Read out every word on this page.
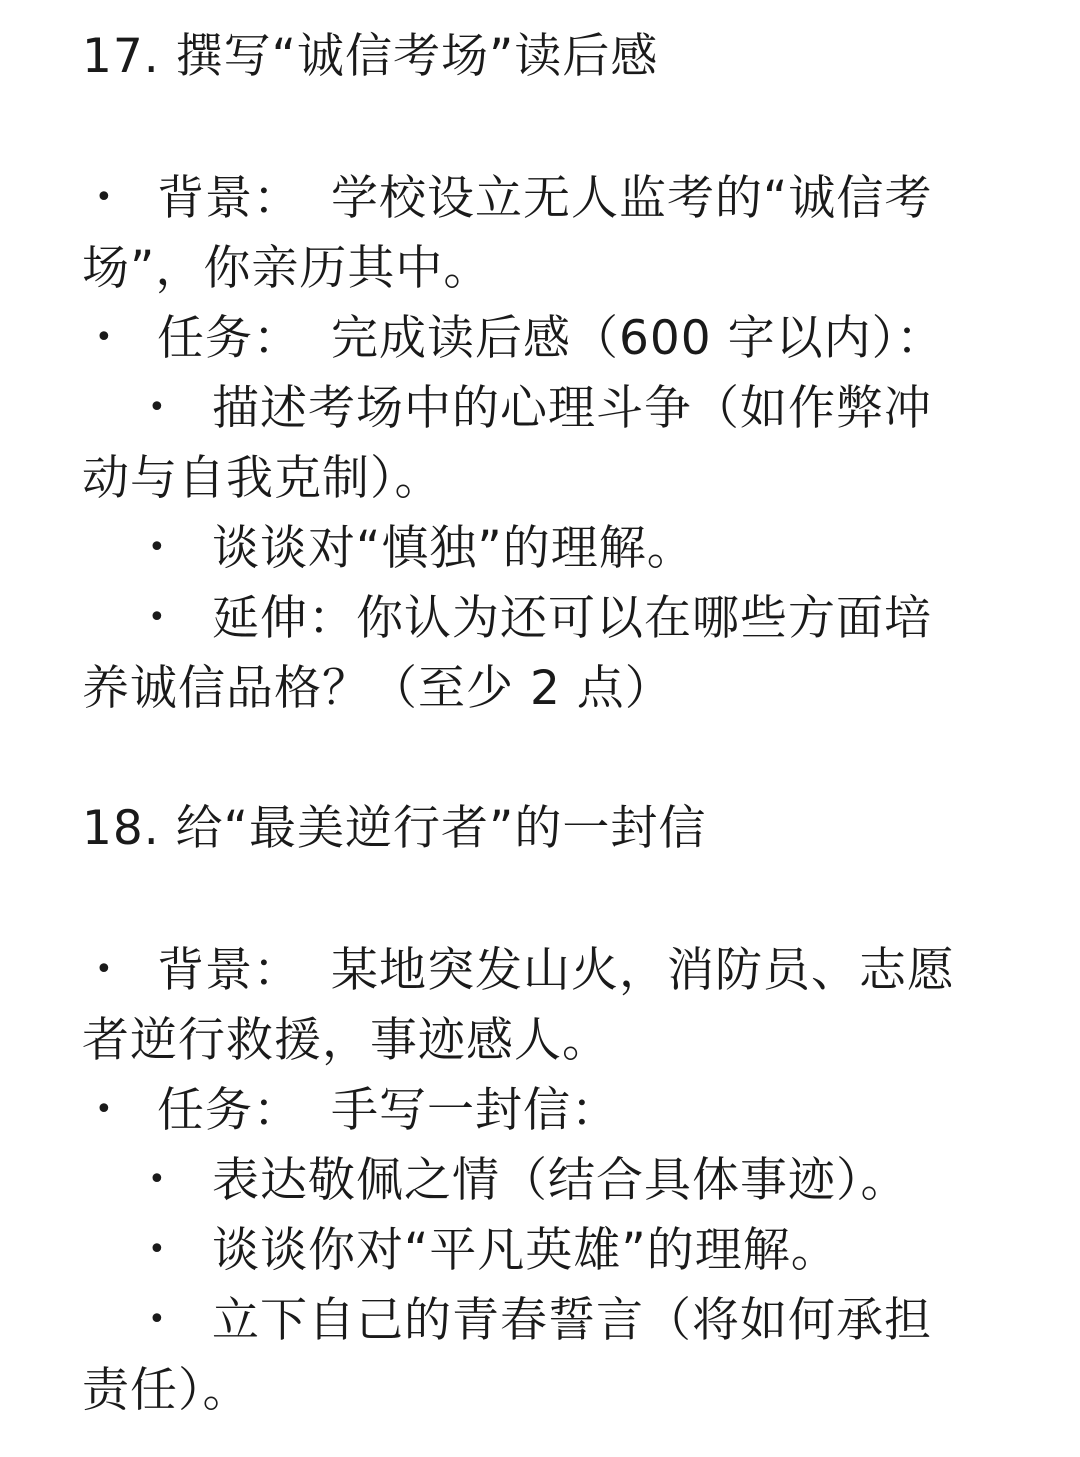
17. 撰写“诚信考场”读后感
• 背景： 学校设立无人监考的“诚信考
场”，你亲历其中。
• 任务： 完成读后感（600 字以内）：
• 描述考场中的心理斗争（如作弊冲
动与自我克制）。
• 谈谈对“慎独”的理解。
• 延伸：你认为还可以在哪些方面培
养诚信品格？（至少 2 点）
18. 给“最美逆行者”的一封信
• 背景： 某地突发山火，消防员、志愿
者逆行救援，事迹感人。
• 任务： 手写一封信：
• 表达敬佩之情（结合具体事迹）。
• 谈谈你对“平凡英雄”的理解。
• 立下自己的青春誓言（将如何承担
责任）。
